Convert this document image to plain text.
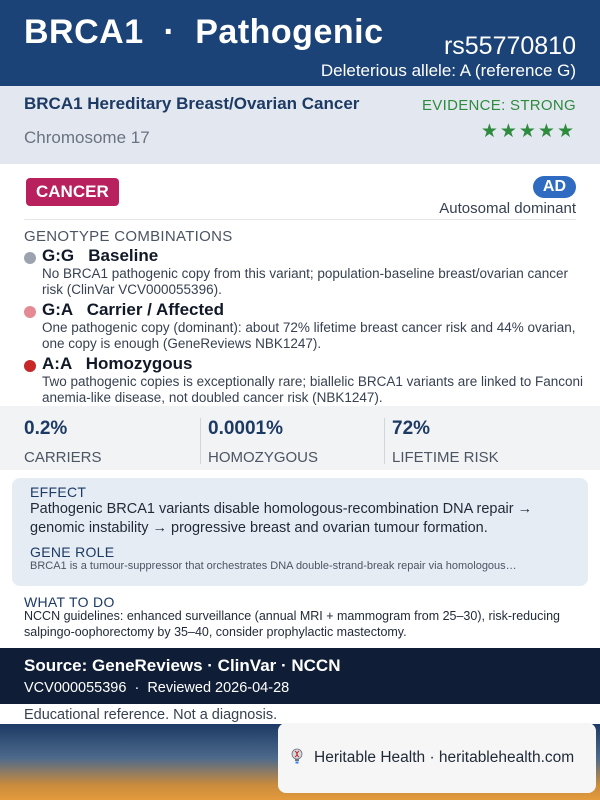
BRCA1  ·  Pathogenic rs55770810
Deleterious allele: A (reference G)
BRCA1 Hereditary Breast/Ovarian Cancer
Chromosome 17
EVIDENCE: STRONG
★★★★★
CANCER	AD
Autosomal dominant
GENOTYPE COMBINATIONS
G:G Baseline
No BRCA1 pathogenic copy from this variant; population-baseline breast/ovarian cancer risk (ClinVar VCV000055396).
G:A Carrier / Affected
One pathogenic copy (dominant): about 72% lifetime breast cancer risk and 44% ovarian, one copy is enough (GeneReviews NBK1247).
A:A Homozygous
Two pathogenic copies is exceptionally rare; biallelic BRCA1 variants are linked to Fanconi anemia-like disease, not doubled cancer risk (NBK1247).
0.2%
CARRIERS
0.0001%
HOMOZYGOUS
72%
LIFETIME RISK
EFFECT
Pathogenic BRCA1 variants disable homologous-recombination DNA repair → genomic instability → progressive breast and ovarian tumour formation.
GENE ROLE
BRCA1 is a tumour-suppressor that orchestrates DNA double-strand-break repair via homologous…
WHAT TO DO
NCCN guidelines: enhanced surveillance (annual MRI + mammogram from 25–30), risk-reducing salpingo-oophorectomy by 35–40, consider prophylactic mastectomy.
Source: GeneReviews · ClinVar · NCCN
VCV000055396  ·  Reviewed 2026-04-28
Educational reference. Not a diagnosis.
Heritable Health · heritablehealth.com
